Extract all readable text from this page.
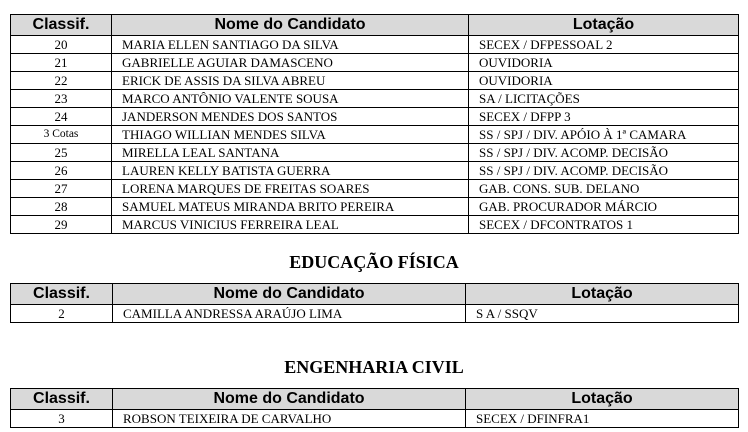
Classif.	Nome do Candidato	Lotação
20	MARIA ELLEN SANTIAGO DA SILVA	SECEX / DFPESSOAL 2
21	GABRIELLE AGUIAR DAMASCENO	OUVIDORIA
22	ERICK DE ASSIS DA SILVA ABREU	OUVIDORIA
23	MARCO ANTÔNIO VALENTE SOUSA	SA / LICITAÇÕES
24	JANDERSON MENDES DOS SANTOS	SECEX / DFPP 3
3 Cotas	THIAGO WILLIAN MENDES SILVA	SS / SPJ / DIV. APÓIO À 1ª CAMARA
25	MIRELLA LEAL SANTANA	SS / SPJ / DIV. ACOMP. DECISÃO
26	LAUREN KELLY BATISTA GUERRA	SS / SPJ / DIV. ACOMP. DECISÃO
27	LORENA MARQUES DE FREITAS SOARES	GAB. CONS. SUB. DELANO
28	SAMUEL MATEUS MIRANDA BRITO PEREIRA	GAB. PROCURADOR MÁRCIO
29	MARCUS VINICIUS FERREIRA LEAL	SECEX / DFCONTRATOS 1
EDUCAÇÃO FÍSICA
Classif.	Nome do Candidato	Lotação
2	CAMILLA ANDRESSA ARAÚJO LIMA	S A / SSQV
ENGENHARIA CIVIL
Classif.	Nome do Candidato	Lotação
3	ROBSON TEIXEIRA DE CARVALHO	SECEX / DFINFRA1
